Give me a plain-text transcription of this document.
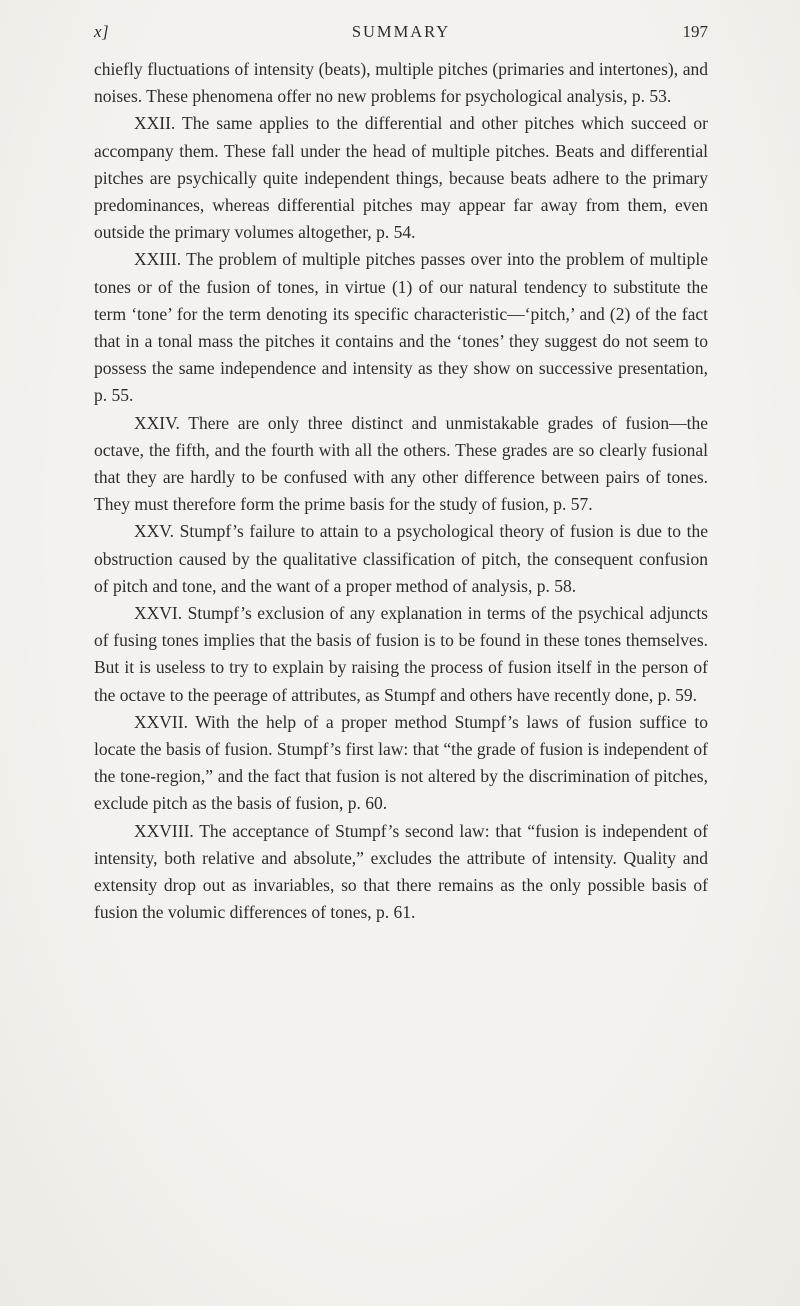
x]	SUMMARY	197

chiefly fluctuations of intensity (beats), multiple pitches (primaries and intertones), and noises. These phenomena offer no new problems for psychological analysis, p. 53.

XXII. The same applies to the differential and other pitches which succeed or accompany them. These fall under the head of multiple pitches. Beats and differential pitches are psychically quite independent things, because beats adhere to the primary predominances, whereas differential pitches may appear far away from them, even outside the primary volumes altogether, p. 54.

XXIII. The problem of multiple pitches passes over into the problem of multiple tones or of the fusion of tones, in virtue (1) of our natural tendency to substitute the term ‘tone’ for the term denoting its specific characteristic—‘pitch,’ and (2) of the fact that in a tonal mass the pitches it contains and the ‘tones’ they suggest do not seem to possess the same independence and intensity as they show on successive presentation, p. 55.

XXIV. There are only three distinct and unmistakable grades of fusion—the octave, the fifth, and the fourth with all the others. These grades are so clearly fusional that they are hardly to be confused with any other difference between pairs of tones. They must therefore form the prime basis for the study of fusion, p. 57.

XXV. Stumpf’s failure to attain to a psychological theory of fusion is due to the obstruction caused by the qualitative classification of pitch, the consequent confusion of pitch and tone, and the want of a proper method of analysis, p. 58.

XXVI. Stumpf’s exclusion of any explanation in terms of the psychical adjuncts of fusing tones implies that the basis of fusion is to be found in these tones themselves. But it is useless to try to explain by raising the process of fusion itself in the person of the octave to the peerage of attributes, as Stumpf and others have recently done, p. 59.

XXVII. With the help of a proper method Stumpf’s laws of fusion suffice to locate the basis of fusion. Stumpf’s first law: that “the grade of fusion is independent of the tone-region,” and the fact that fusion is not altered by the discrimination of pitches, exclude pitch as the basis of fusion, p. 60.

XXVIII. The acceptance of Stumpf’s second law: that “fusion is independent of intensity, both relative and absolute,” excludes the attribute of intensity. Quality and extensity drop out as invariables, so that there remains as the only possible basis of fusion the volumic differences of tones, p. 61.
